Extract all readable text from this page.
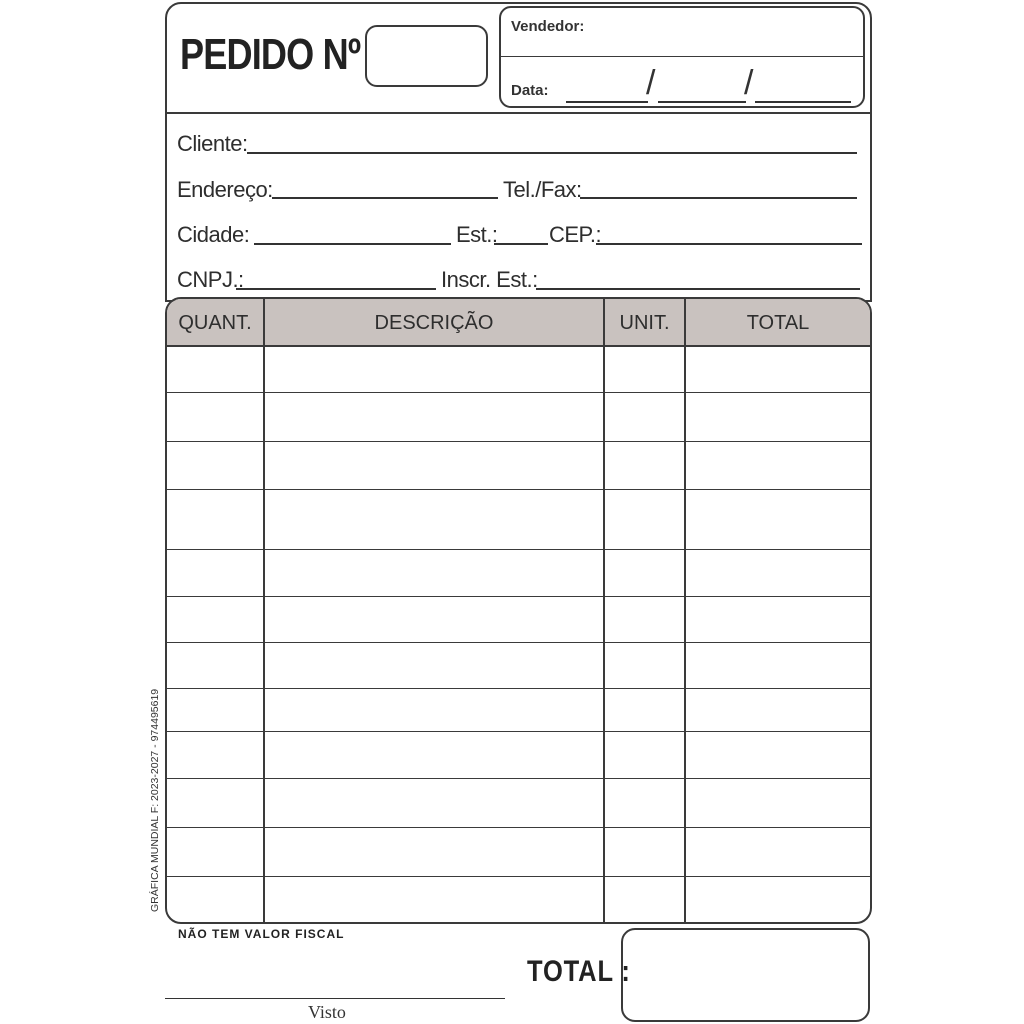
PEDIDO Nº
Vendedor:
Data:	/	/
Cliente:
Endereço:	Tel./Fax:
Cidade:	Est.: CEP.:
CNPJ.:	Inscr. Est.:
QUANT.	DESCRIÇÃO	UNIT.	TOTAL
NÃO TEM VALOR FISCAL
TOTAL :
Visto
GRÁFICA MUNDIAL F: 2023-2027 - 974495619
